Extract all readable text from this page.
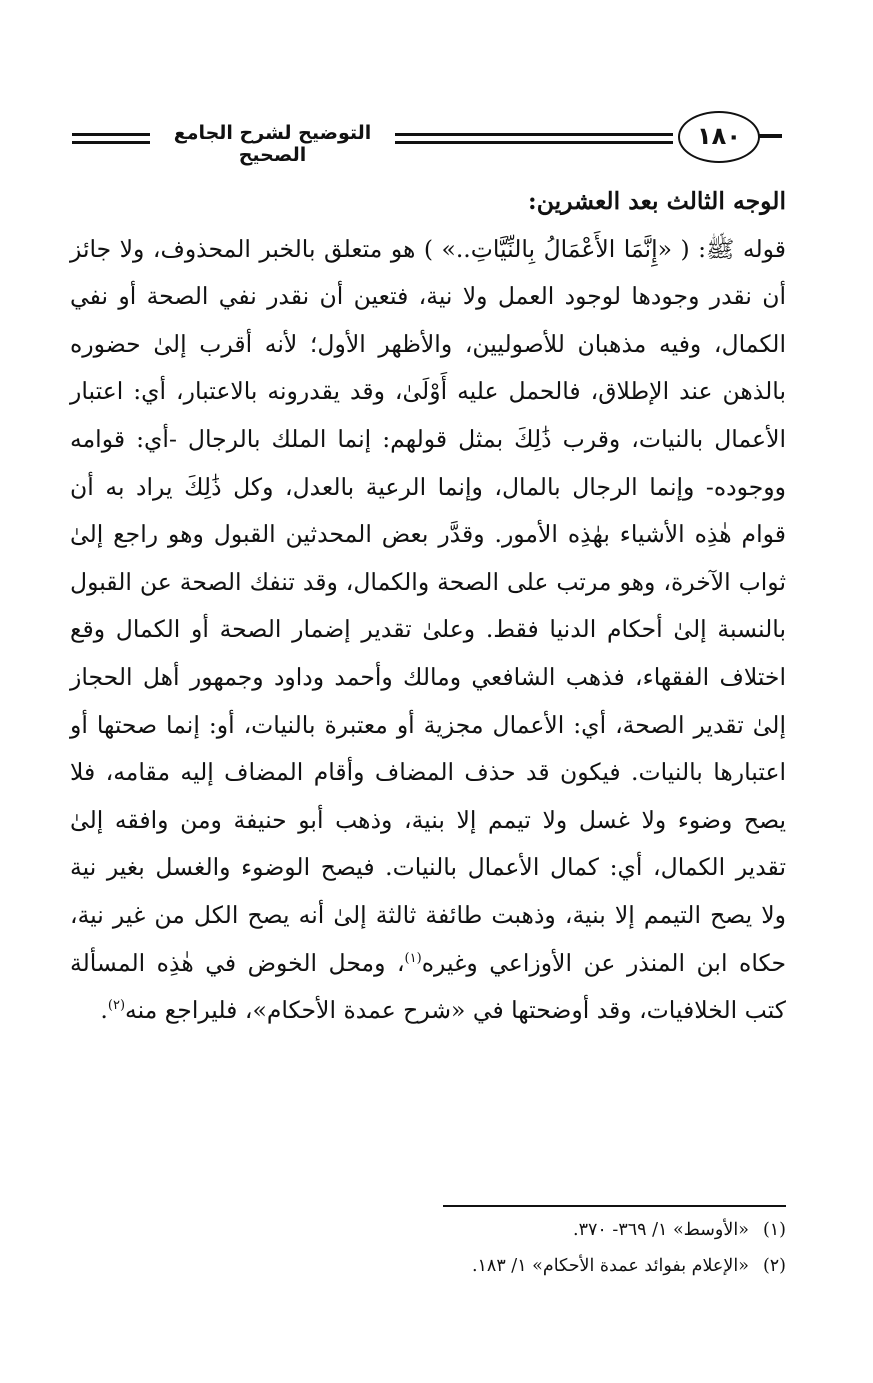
التوضيح لشرح الجامع الصحيح
١٨٠
الوجه الثالث بعد العشرين:

قوله ﷺ: ( «إِنَّمَا الأَعْمَالُ بِالنِّيَّاتِ..» ) هو متعلق بالخبر المحذوف، ولا جائز أن نقدر وجودها لوجود العمل ولا نية، فتعين أن نقدر نفي الصحة أو نفي الكمال، وفيه مذهبان للأصوليين، والأظهر الأول؛ لأنه أقرب إلىٰ حضوره بالذهن عند الإطلاق، فالحمل عليه أَوْلَىٰ، وقد يقدرونه بالاعتبار، أي: اعتبار الأعمال بالنيات، وقرب ذَٰلِكَ بمثل قولهم: إنما الملك بالرجال -أي: قوامه ووجوده- وإنما الرجال بالمال، وإنما الرعية بالعدل، وكل ذَٰلِكَ يراد به أن قوام هٰذِه الأشياء بهٰذِه الأمور. وقدَّر بعض المحدثين القبول وهو راجع إلىٰ ثواب الآخرة، وهو مرتب على الصحة والكمال، وقد تنفك الصحة عن القبول بالنسبة إلىٰ أحكام الدنيا فقط. وعلىٰ تقدير إضمار الصحة أو الكمال وقع اختلاف الفقهاء، فذهب الشافعي ومالك وأحمد وداود وجمهور أهل الحجاز إلىٰ تقدير الصحة، أي: الأعمال مجزية أو معتبرة بالنيات، أو: إنما صحتها أو اعتبارها بالنيات. فيكون قد حذف المضاف وأقام المضاف إليه مقامه، فلا يصح وضوء ولا غسل ولا تيمم إلا بنية، وذهب أبو حنيفة ومن وافقه إلىٰ تقدير الكمال، أي: كمال الأعمال بالنيات. فيصح الوضوء والغسل بغير نية ولا يصح التيمم إلا بنية، وذهبت طائفة ثالثة إلىٰ أنه يصح الكل من غير نية، حكاه ابن المنذر عن الأوزاعي وغيره$^{(١)}$، ومحل الخوض في هٰذِه المسألة كتب الخلافيات، وقد أوضحتها في «شرح عمدة الأحكام»، فليراجع منه$^{(٢)}$.

(١)«الأوسط» ١/ ٣٦٩- ٣٧٠.
(٢)«الإعلام بفوائد عمدة الأحكام» ١/ ١٨٣.
